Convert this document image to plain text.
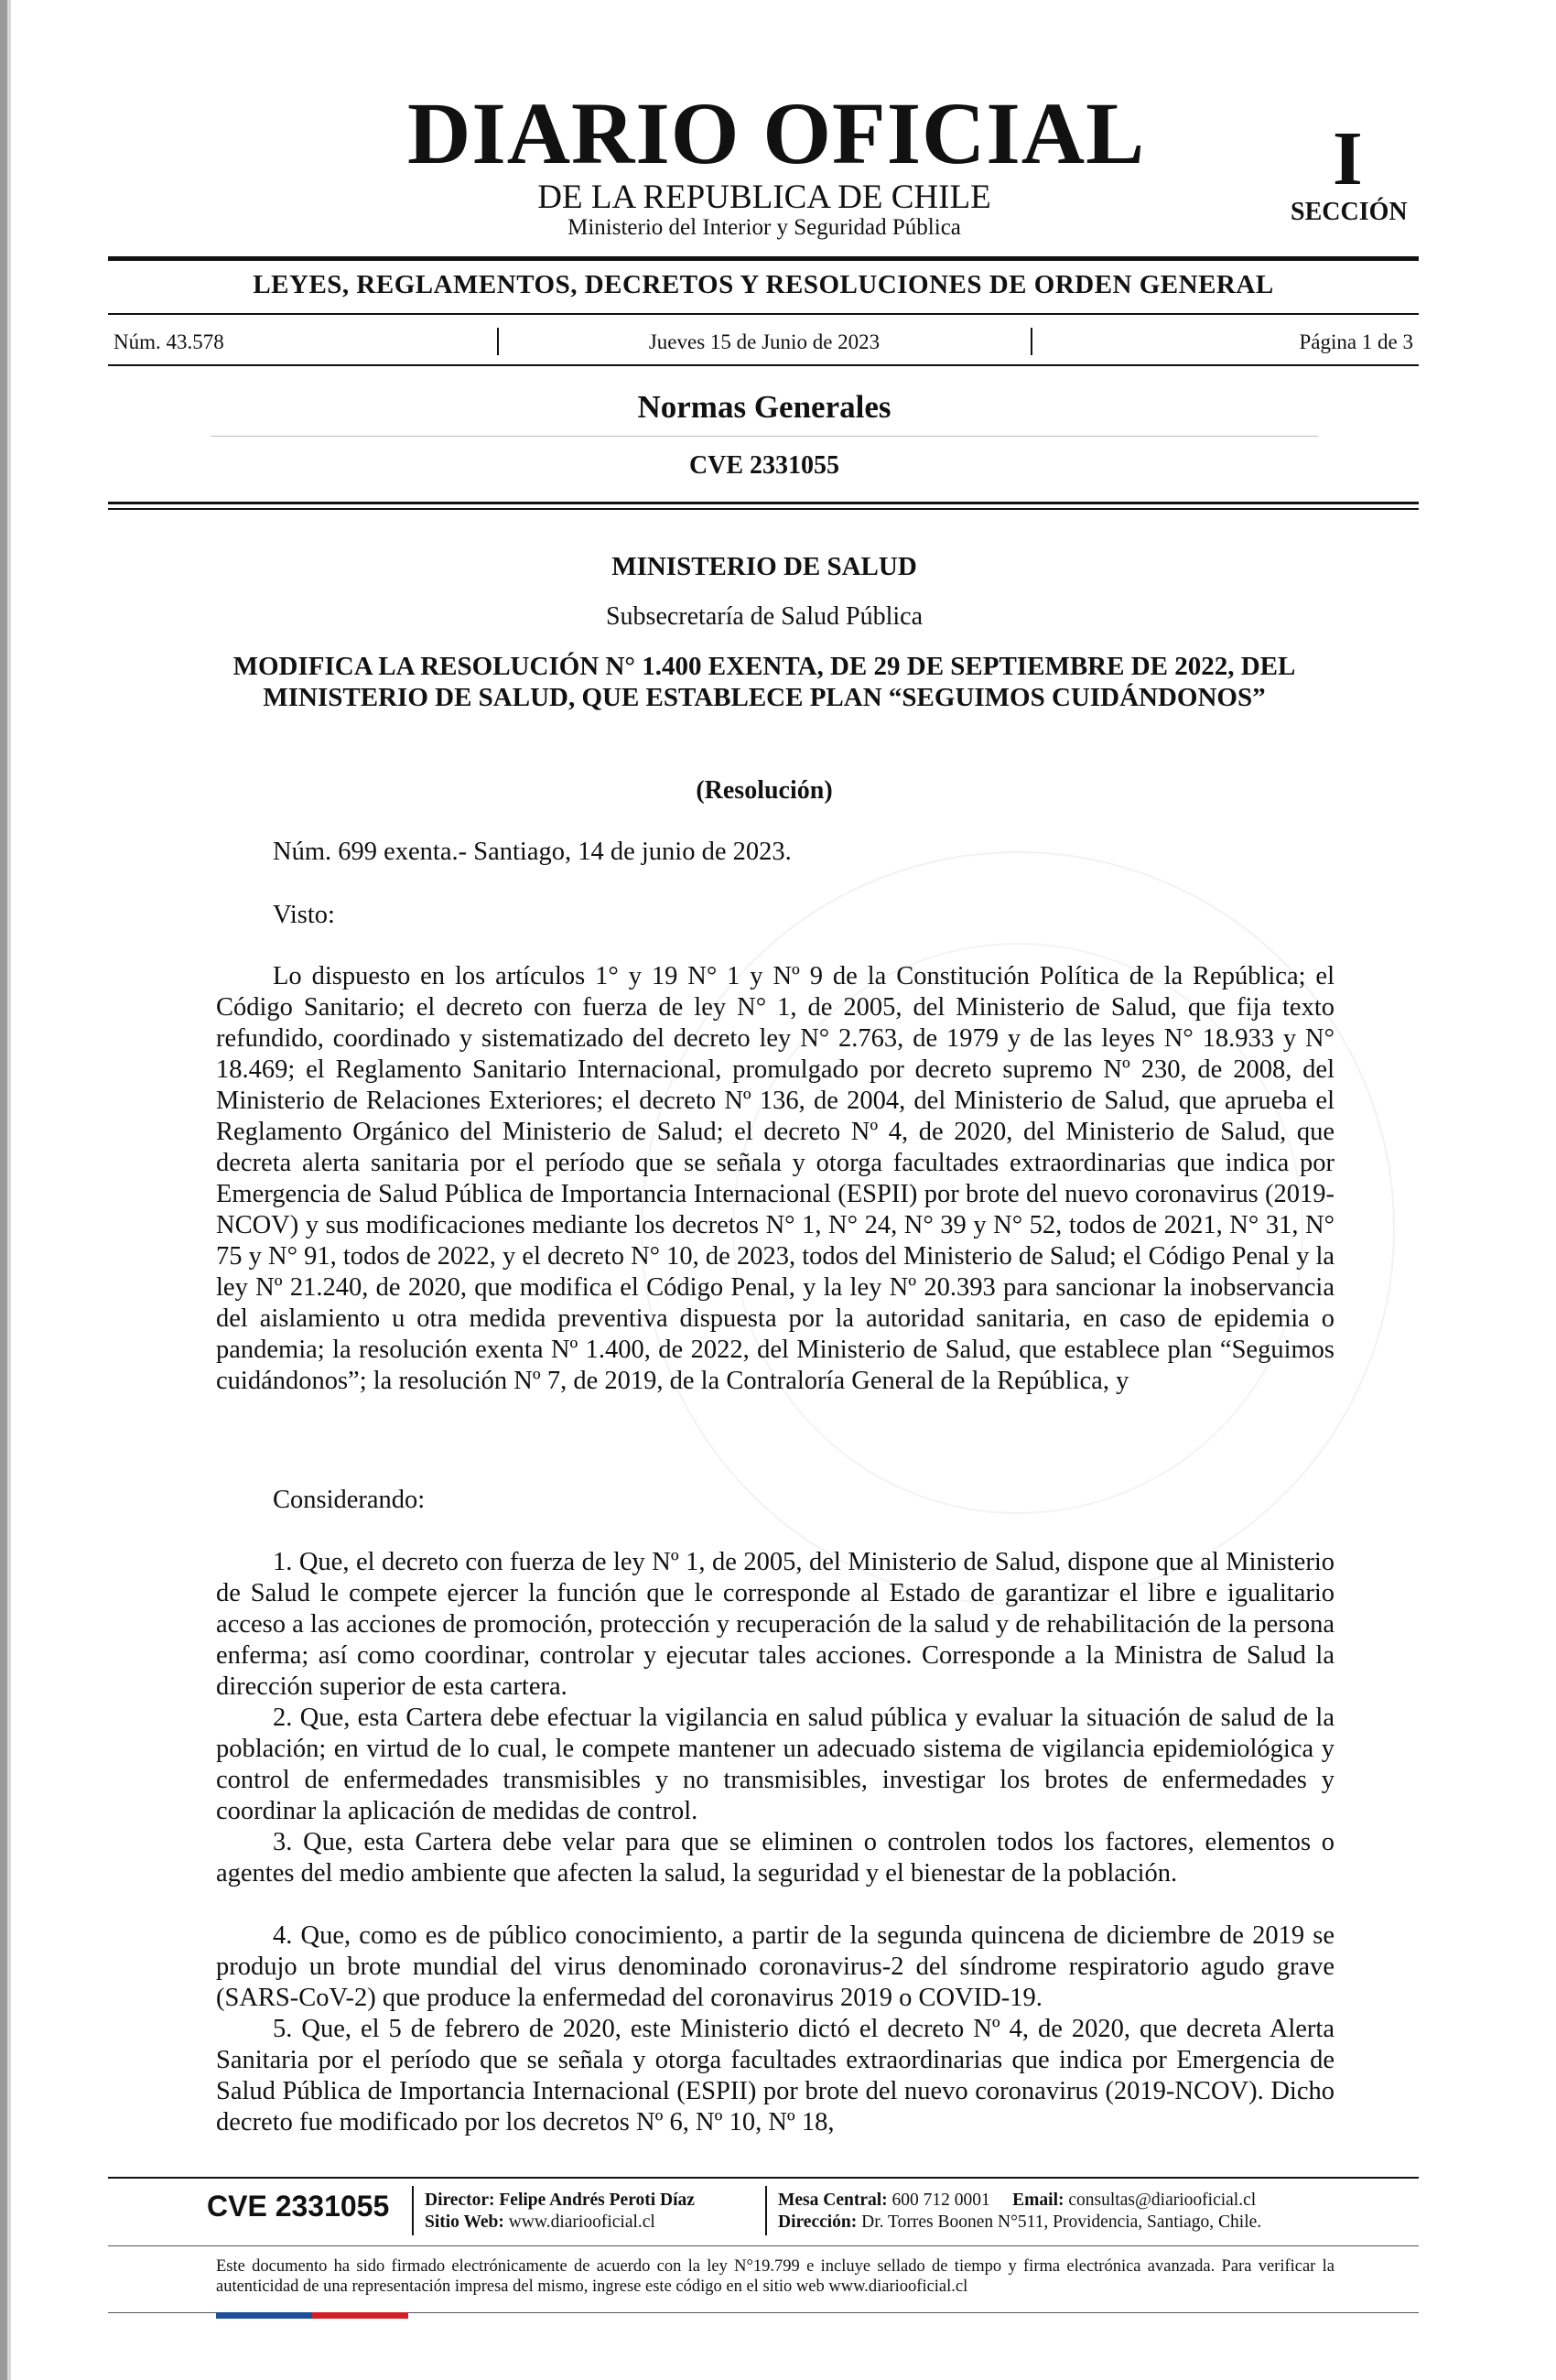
DIARIO OFICIAL
DE LA REPUBLICA DE CHILE
Ministerio del Interior y Seguridad Pública
I
SECCIÓN
LEYES, REGLAMENTOS, DECRETOS Y RESOLUCIONES DE ORDEN GENERAL
Núm. 43.578	Jueves 15 de Junio de 2023	Página 1 de 3
Normas Generales
CVE 2331055
MINISTERIO DE SALUD
Subsecretaría de Salud Pública
MODIFICA LA RESOLUCIÓN N° 1.400 EXENTA, DE 29 DE SEPTIEMBRE DE 2022, DEL MINISTERIO DE SALUD, QUE ESTABLECE PLAN “SEGUIMOS CUIDÁNDONOS”
(Resolución)

Núm. 699 exenta.- Santiago, 14 de junio de 2023.

Visto:

Lo dispuesto en los artículos 1° y 19 N° 1 y Nº 9 de la Constitución Política de la República; el Código Sanitario; el decreto con fuerza de ley N° 1, de 2005, del Ministerio de Salud, que fija texto refundido, coordinado y sistematizado del decreto ley N° 2.763, de 1979 y de las leyes N° 18.933 y N° 18.469; el Reglamento Sanitario Internacional, promulgado por decreto supremo Nº 230, de 2008, del Ministerio de Relaciones Exteriores; el decreto Nº 136, de 2004, del Ministerio de Salud, que aprueba el Reglamento Orgánico del Ministerio de Salud; el decreto Nº 4, de 2020, del Ministerio de Salud, que decreta alerta sanitaria por el período que se señala y otorga facultades extraordinarias que indica por Emergencia de Salud Pública de Importancia Internacional (ESPII) por brote del nuevo coronavirus (2019-NCOV) y sus modificaciones mediante los decretos N° 1, N° 24, N° 39 y N° 52, todos de 2021, N° 31, N° 75 y N° 91, todos de 2022, y el decreto N° 10, de 2023, todos del Ministerio de Salud; el Código Penal y la ley Nº 21.240, de 2020, que modifica el Código Penal, y la ley Nº 20.393 para sancionar la inobservancia del aislamiento u otra medida preventiva dispuesta por la autoridad sanitaria, en caso de epidemia o pandemia; la resolución exenta Nº 1.400, de 2022, del Ministerio de Salud, que establece plan “Seguimos cuidándonos”; la resolución Nº 7, de 2019, de la Contraloría General de la República, y

Considerando:

1. Que, el decreto con fuerza de ley Nº 1, de 2005, del Ministerio de Salud, dispone que al Ministerio de Salud le compete ejercer la función que le corresponde al Estado de garantizar el libre e igualitario acceso a las acciones de promoción, protección y recuperación de la salud y de rehabilitación de la persona enferma; así como coordinar, controlar y ejecutar tales acciones. Corresponde a la Ministra de Salud la dirección superior de esta cartera.

2. Que, esta Cartera debe efectuar la vigilancia en salud pública y evaluar la situación de salud de la población; en virtud de lo cual, le compete mantener un adecuado sistema de vigilancia epidemiológica y control de enfermedades transmisibles y no transmisibles, investigar los brotes de enfermedades y coordinar la aplicación de medidas de control.

3. Que, esta Cartera debe velar para que se eliminen o controlen todos los factores, elementos o agentes del medio ambiente que afecten la salud, la seguridad y el bienestar de la población.

4. Que, como es de público conocimiento, a partir de la segunda quincena de diciembre de 2019 se produjo un brote mundial del virus denominado coronavirus-2 del síndrome respiratorio agudo grave (SARS-CoV-2) que produce la enfermedad del coronavirus 2019 o COVID-19.

5. Que, el 5 de febrero de 2020, este Ministerio dictó el decreto Nº 4, de 2020, que decreta Alerta Sanitaria por el período que se señala y otorga facultades extraordinarias que indica por Emergencia de Salud Pública de Importancia Internacional (ESPII) por brote del nuevo coronavirus (2019-NCOV). Dicho decreto fue modificado por los decretos Nº 6, Nº 10, Nº 18,

CVE 2331055 Director: Felipe Andrés Peroti Díaz
Sitio Web: www.diariooficial.cl
Mesa Central: 600 712 0001 Email: consultas@diariooficial.cl
Dirección: Dr. Torres Boonen N°511, Providencia, Santiago, Chile.
Este documento ha sido firmado electrónicamente de acuerdo con la ley N°19.799 e incluye sellado de tiempo y firma electrónica avanzada. Para verificar la autenticidad de una representación impresa del mismo, ingrese este código en el sitio web www.diariooficial.cl
